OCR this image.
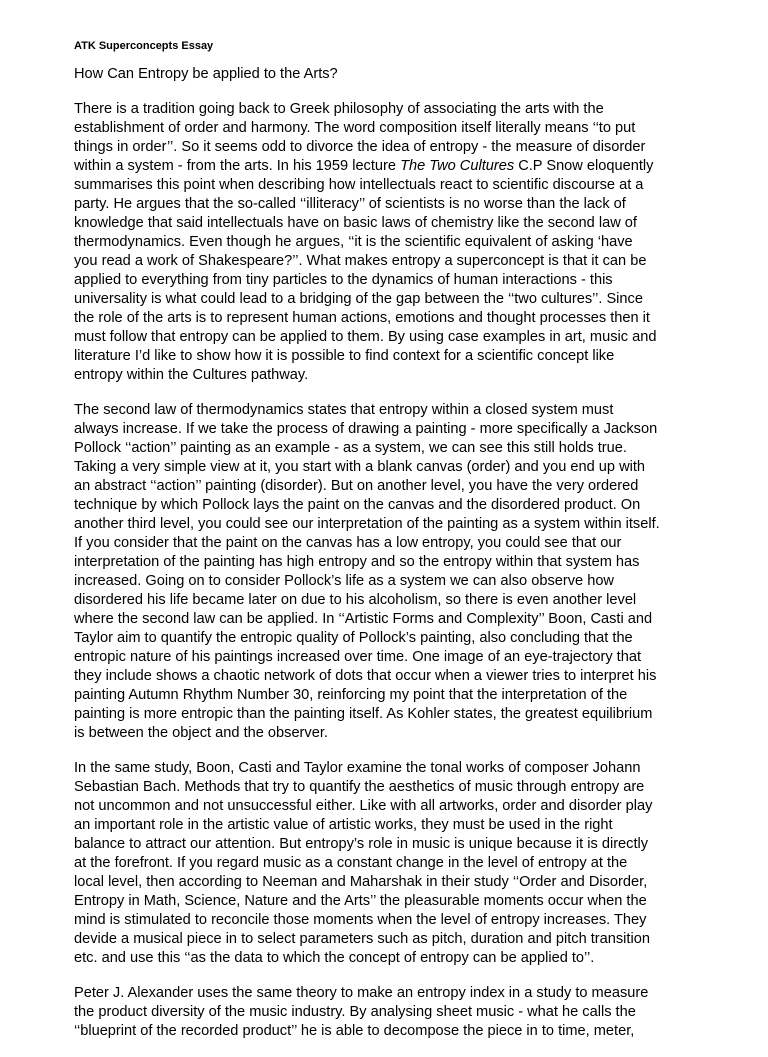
ATK Superconcepts Essay
How Can Entropy be applied to the Arts?
There is a tradition going back to Greek philosophy of associating the arts with the
establishment of order and harmony. The word composition itself literally means ‘‘to put
things in order’’. So it seems odd to divorce the idea of entropy - the measure of disorder
within a system - from the arts. In his 1959 lecture The Two Cultures C.P Snow eloquently
summarises this point when describing how intellectuals react to scientific discourse at a
party. He argues that the so-called ‘‘illiteracy’’ of scientists is no worse than the lack of
knowledge that said intellectuals have on basic laws of chemistry like the second law of
thermodynamics. Even though he argues, ‘‘it is the scientific equivalent of asking ‘have
you read a work of Shakespeare?’’. What makes entropy a superconcept is that it can be
applied to everything from tiny particles to the dynamics of human interactions - this
universality is what could lead to a bridging of the gap between the ‘‘two cultures’’. Since
the role of the arts is to represent human actions, emotions and thought processes then it
must follow that entropy can be applied to them. By using case examples in art, music and
literature I’d like to show how it is possible to find context for a scientific concept like
entropy within the Cultures pathway.
The second law of thermodynamics states that entropy within a closed system must
always increase. If we take the process of drawing a painting - more specifically a Jackson
Pollock ‘‘action’’ painting as an example - as a system, we can see this still holds true.
Taking a very simple view at it, you start with a blank canvas (order) and you end up with
an abstract ‘‘action’’ painting (disorder). But on another level, you have the very ordered
technique by which Pollock lays the paint on the canvas and the disordered product. On
another third level, you could see our interpretation of the painting as a system within itself.
If you consider that the paint on the canvas has a low entropy, you could see that our
interpretation of the painting has high entropy and so the entropy within that system has
increased. Going on to consider Pollock’s life as a system we can also observe how
disordered his life became later on due to his alcoholism, so there is even another level
where the second law can be applied. In ‘‘Artistic Forms and Complexity’’ Boon, Casti and
Taylor aim to quantify the entropic quality of Pollock’s painting, also concluding that the
entropic nature of his paintings increased over time. One image of an eye-trajectory that
they include shows a chaotic network of dots that occur when a viewer tries to interpret his
painting Autumn Rhythm Number 30, reinforcing my point that the interpretation of the
painting is more entropic than the painting itself. As Kohler states, the greatest equilibrium
is between the object and the observer.
In the same study, Boon, Casti and Taylor examine the tonal works of composer Johann
Sebastian Bach. Methods that try to quantify the aesthetics of music through entropy are
not uncommon and not unsuccessful either. Like with all artworks, order and disorder play
an important role in the artistic value of artistic works, they must be used in the right
balance to attract our attention. But entropy’s role in music is unique because it is directly
at the forefront. If you regard music as a constant change in the level of entropy at the
local level, then according to Neeman and Maharshak in their study ‘‘Order and Disorder,
Entropy in Math, Science, Nature and the Arts’’ the pleasurable moments occur when the
mind is stimulated to reconcile those moments when the level of entropy increases. They
devide a musical piece in to select parameters such as pitch, duration and pitch transition
etc. and use this ‘‘as the data to which the concept of entropy can be applied to’’.
Peter J. Alexander uses the same theory to make an entropy index in a study to measure
the product diversity of the music industry. By analysing sheet music - what he calls the
‘‘blueprint of the recorded product’’ he is able to decompose the piece in to time, meter,
